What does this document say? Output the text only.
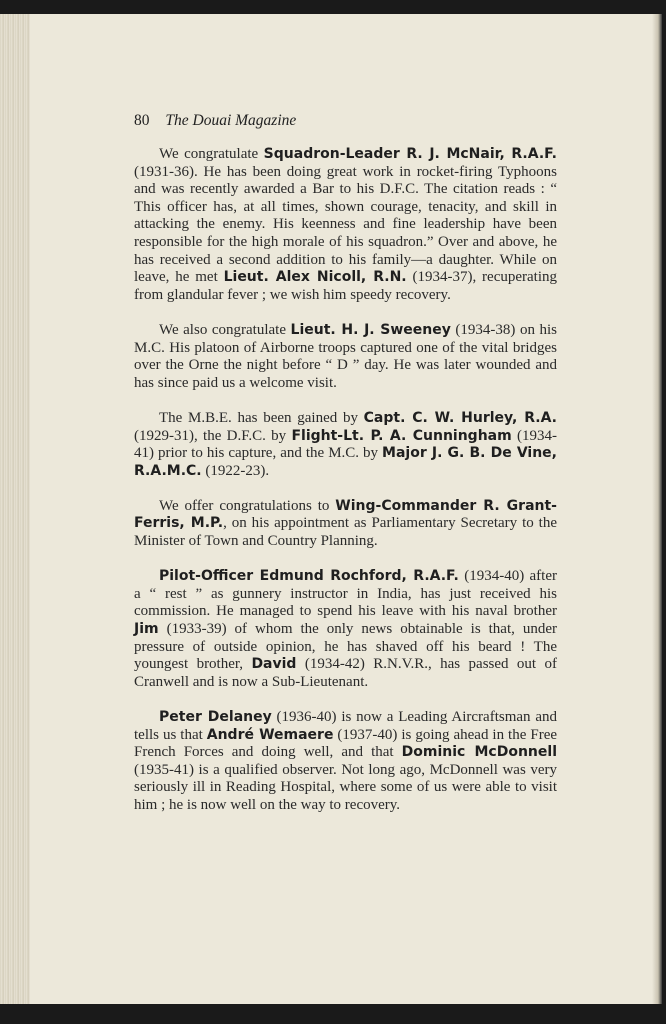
80 The Douai Magazine

We congratulate Squadron-Leader R. J. McNair, R.A.F. (1931-36). He has been doing great work in rocket-firing Typhoons and was recently awarded a Bar to his D.F.C. The citation reads : “ This officer has, at all times, shown courage, tenacity, and skill in attacking the enemy. His keenness and fine leadership have been responsible for the high morale of his squadron.” Over and above, he has received a second addition to his family—a daughter. While on leave, he met Lieut. Alex Nicoll, R.N. (1934-37), recuperating from glandular fever ; we wish him speedy recovery.

We also congratulate Lieut. H. J. Sweeney (1934-38) on his M.C. His platoon of Airborne troops captured one of the vital bridges over the Orne the night before “ D ” day. He was later wounded and has since paid us a welcome visit.

The M.B.E. has been gained by Capt. C. W. Hurley, R.A. (1929-31), the D.F.C. by Flight-Lt. P. A. Cunningham (1934-41) prior to his capture, and the M.C. by Major J. G. B. De Vine, R.A.M.C. (1922-23).

We offer congratulations to Wing-Commander R. Grant-Ferris, M.P., on his appointment as Parliamentary Secretary to the Minister of Town and Country Planning.

Pilot-Officer Edmund Rochford, R.A.F. (1934-40) after a “ rest ” as gunnery instructor in India, has just received his commission. He managed to spend his leave with his naval brother Jim (1933-39) of whom the only news obtainable is that, under pressure of outside opinion, he has shaved off his beard ! The youngest brother, David (1934-42) R.N.V.R., has passed out of Cranwell and is now a Sub-Lieutenant.

Peter Delaney (1936-40) is now a Leading Aircraftsman and tells us that André Wemaere (1937-40) is going ahead in the Free French Forces and doing well, and that Dominic McDonnell (1935-41) is a qualified observer. Not long ago, McDonnell was very seriously ill in Reading Hospital, where some of us were able to visit him ; he is now well on the way to recovery.
